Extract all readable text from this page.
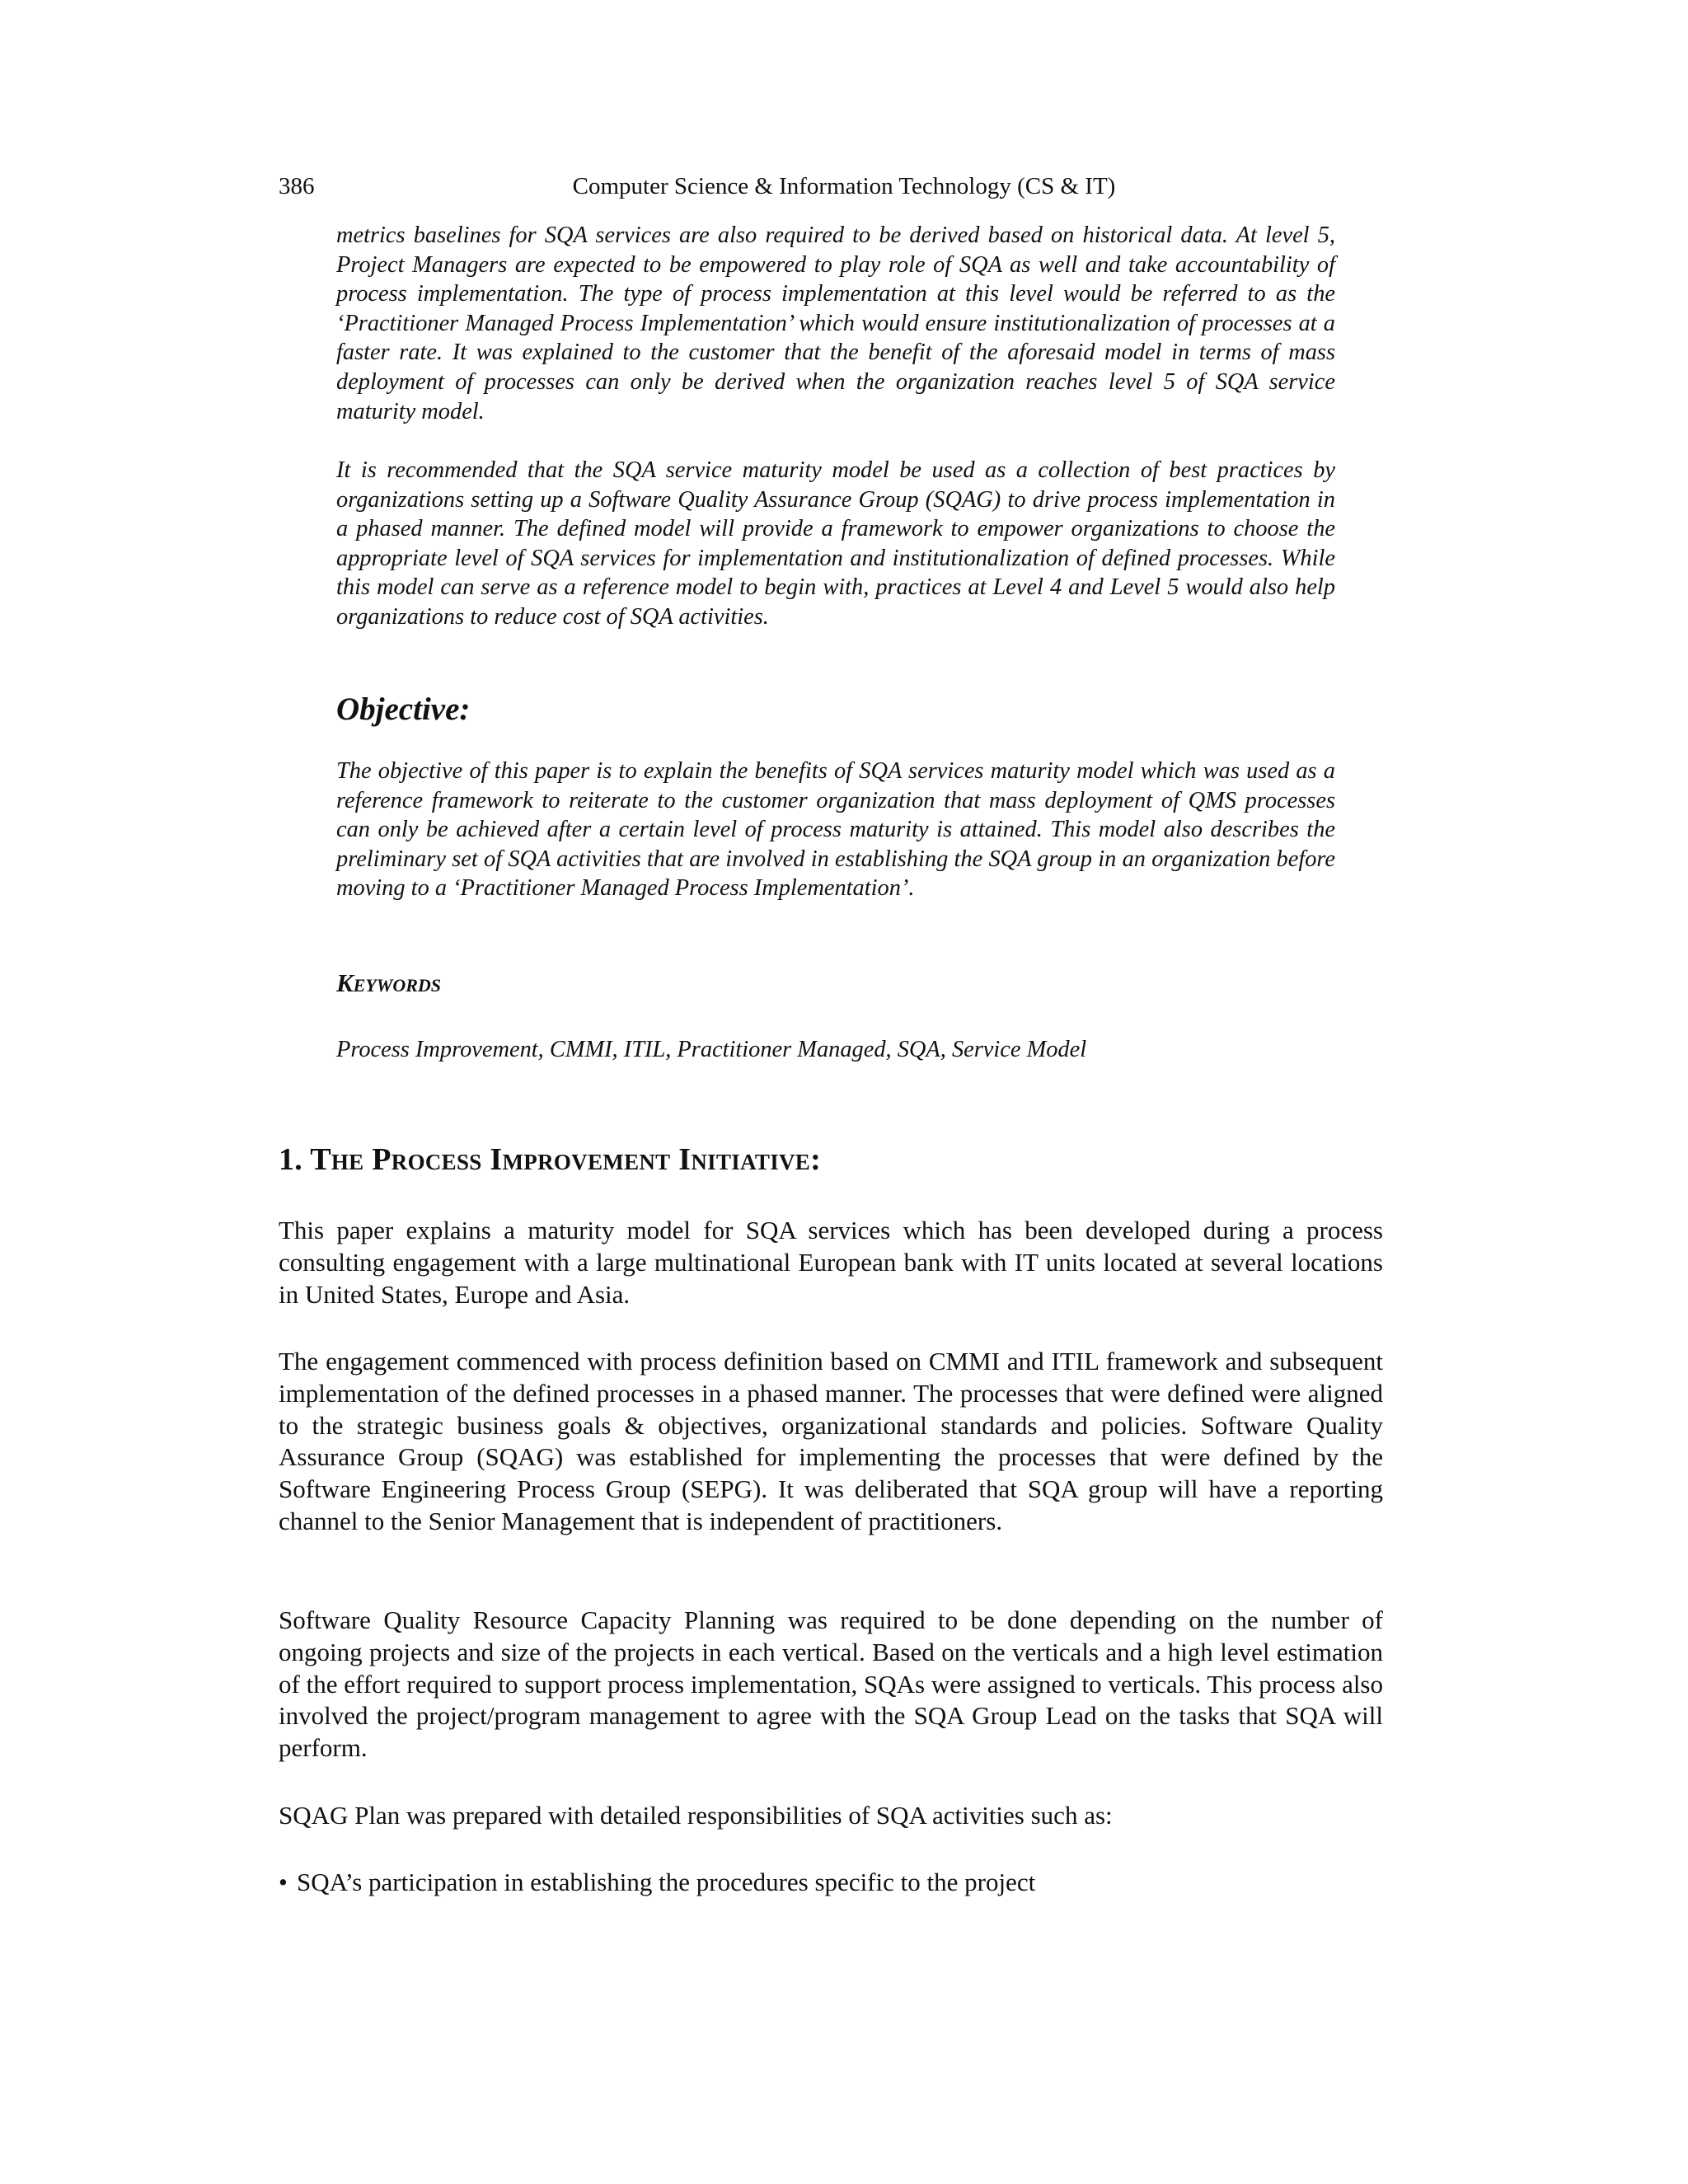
386	Computer Science & Information Technology (CS & IT)

metrics baselines for SQA services are also required to be derived based on historical data. At level 5, Project Managers are expected to be empowered to play role of SQA as well and take accountability of process implementation. The type of process implementation at this level would be referred to as the ‘Practitioner Managed Process Implementation’ which would ensure institutionalization of processes at a faster rate. It was explained to the customer that the benefit of the aforesaid model in terms of mass deployment of processes can only be derived when the organization reaches level 5 of SQA service maturity model.

It is recommended that the SQA service maturity model be used as a collection of best practices by organizations setting up a Software Quality Assurance Group (SQAG) to drive process implementation in a phased manner. The defined model will provide a framework to empower organizations to choose the appropriate level of SQA services for implementation and institutionalization of defined processes. While this model can serve as a reference model to begin with, practices at Level 4 and Level 5 would also help organizations to reduce cost of SQA activities.

Objective:

The objective of this paper is to explain the benefits of SQA services maturity model which was used as a reference framework to reiterate to the customer organization that mass deployment of QMS processes can only be achieved after a certain level of process maturity is attained. This model also describes the preliminary set of SQA activities that are involved in establishing the SQA group in an organization before moving to a ‘Practitioner Managed Process Implementation’.

Keywords
Process Improvement, CMMI, ITIL, Practitioner Managed, SQA, Service Model
1. The Process Improvement Initiative:

This paper explains a maturity model for SQA services which has been developed during a process consulting engagement with a large multinational European bank with IT units located at several locations in United States, Europe and Asia.

The engagement commenced with process definition based on CMMI and ITIL framework and subsequent implementation of the defined processes in a phased manner. The processes that were defined were aligned to the strategic business goals & objectives, organizational standards and policies. Software Quality Assurance Group (SQAG) was established for implementing the processes that were defined by the Software Engineering Process Group (SEPG). It was deliberated that SQA group will have a reporting channel to the Senior Management that is independent of practitioners.

Software Quality Resource Capacity Planning was required to be done depending on the number of ongoing projects and size of the projects in each vertical. Based on the verticals and a high level estimation of the effort required to support process implementation, SQAs were assigned to verticals. This process also involved the project/program management to agree with the SQA Group Lead on the tasks that SQA will perform.

SQAG Plan was prepared with detailed responsibilities of SQA activities such as:

• SQA’s participation in establishing the procedures specific to the project
